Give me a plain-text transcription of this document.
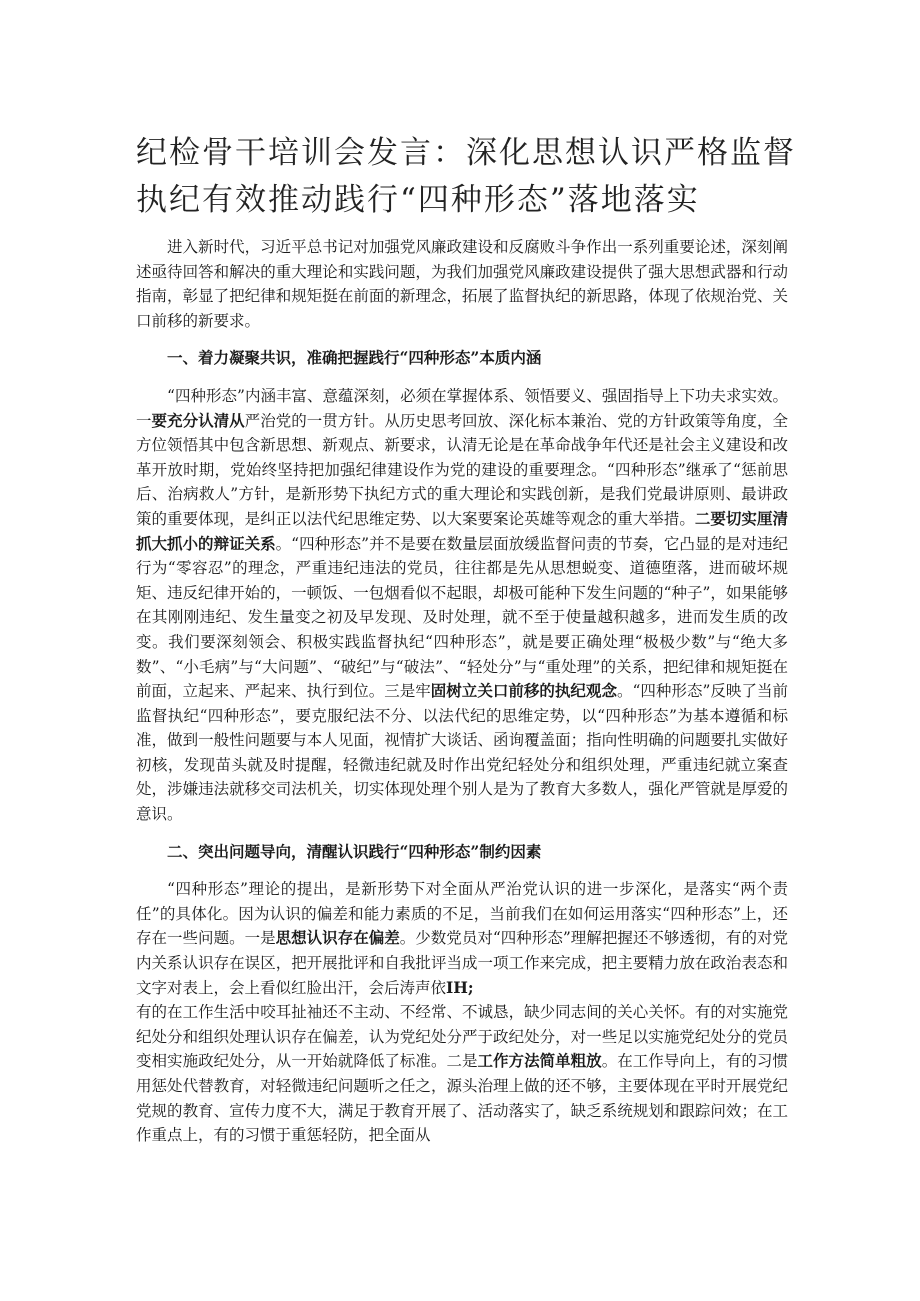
纪检骨干培训会发言：深化思想认识严格监督执纪有效推动践行“四种形态”落地落实

进入新时代，习近平总书记对加强党风廉政建设和反腐败斗争作出一系列重要论述，深刻阐述亟待回答和解决的重大理论和实践问题，为我们加强党风廉政建设提供了强大思想武器和行动指南，彰显了把纪律和规矩挺在前面的新理念，拓展了监督执纪的新思路，体现了依规治党、关口前移的新要求。

一、着力凝聚共识，准确把握践行“四种形态”本质内涵

“四种形态”内涵丰富、意蕴深刻，必须在掌握体系、领悟要义、强固指导上下功夫求实效。一要充分认清从严治党的一贯方针。从历史思考回放、深化标本兼治、党的方针政策等角度，全方位领悟其中包含新思想、新观点、新要求，认清无论是在革命战争年代还是社会主义建设和改革开放时期，党始终坚持把加强纪律建设作为党的建设的重要理念。“四种形态”继承了“惩前思后、治病救人”方针，是新形势下执纪方式的重大理论和实践创新，是我们党最讲原则、最讲政策的重要体现，是纠正以法代纪思维定势、以大案要案论英雄等观念的重大举措。二要切实厘清抓大抓小的辩证关系。“四种形态”并不是要在数量层面放缓监督问责的节奏，它凸显的是对违纪行为“零容忍”的理念，严重违纪违法的党员，往往都是先从思想蜕变、道德堕落，进而破坏规矩、违反纪律开始的，一顿饭、一包烟看似不起眼，却极可能种下发生问题的“种子”，如果能够在其刚刚违纪、发生量变之初及早发现、及时处理，就不至于使量越积越多，进而发生质的改变。我们要深刻领会、积极实践监督执纪“四种形态”，就是要正确处理“极极少数”与“绝大多数”、“小毛病”与“大问题”、“破纪”与“破法”、“轻处分”与“重处理”的关系，把纪律和规矩挺在前面，立起来、严起来、执行到位。三是牢固树立关口前移的执纪观念。“四种形态”反映了当前监督执纪“四种形态”，要克服纪法不分、以法代纪的思维定势，以“四种形态”为基本遵循和标准，做到一般性问题要与本人见面，视情扩大谈话、函询覆盖面；指向性明确的问题要扎实做好初核，发现苗头就及时提醒，轻微违纪就及时作出党纪轻处分和组织处理，严重违纪就立案查处，涉嫌违法就移交司法机关，切实体现处理个别人是为了教育大多数人，强化严管就是厚爱的意识。

二、突出问题导向，清醒认识践行“四种形态”制约因素

“四种形态”理论的提出，是新形势下对全面从严治党认识的进一步深化，是落实“两个责任”的具体化。因为认识的偏差和能力素质的不足，当前我们在如何运用落实“四种形态”上，还存在一些问题。一是思想认识存在偏差。少数党员对“四种形态”理解把握还不够透彻，有的对党内关系认识存在误区，把开展批评和自我批评当成一项工作来完成，把主要精力放在政治表态和文字对表上，会上看似红脸出汗，会后涛声依IH;
有的在工作生活中咬耳扯袖还不主动、不经常、不诚恳，缺少同志间的关心关怀。有的对实施党纪处分和组织处理认识存在偏差，认为党纪处分严于政纪处分，对一些足以实施党纪处分的党员变相实施政纪处分，从一开始就降低了标准。二是工作方法简单粗放。在工作导向上，有的习惯用惩处代替教育，对轻微违纪问题听之任之，源头治理上做的还不够，主要体现在平时开展党纪党规的教育、宣传力度不大，满足于教育开展了、活动落实了，缺乏系统规划和跟踪问效；在工作重点上，有的习惯于重惩轻防，把全面从
